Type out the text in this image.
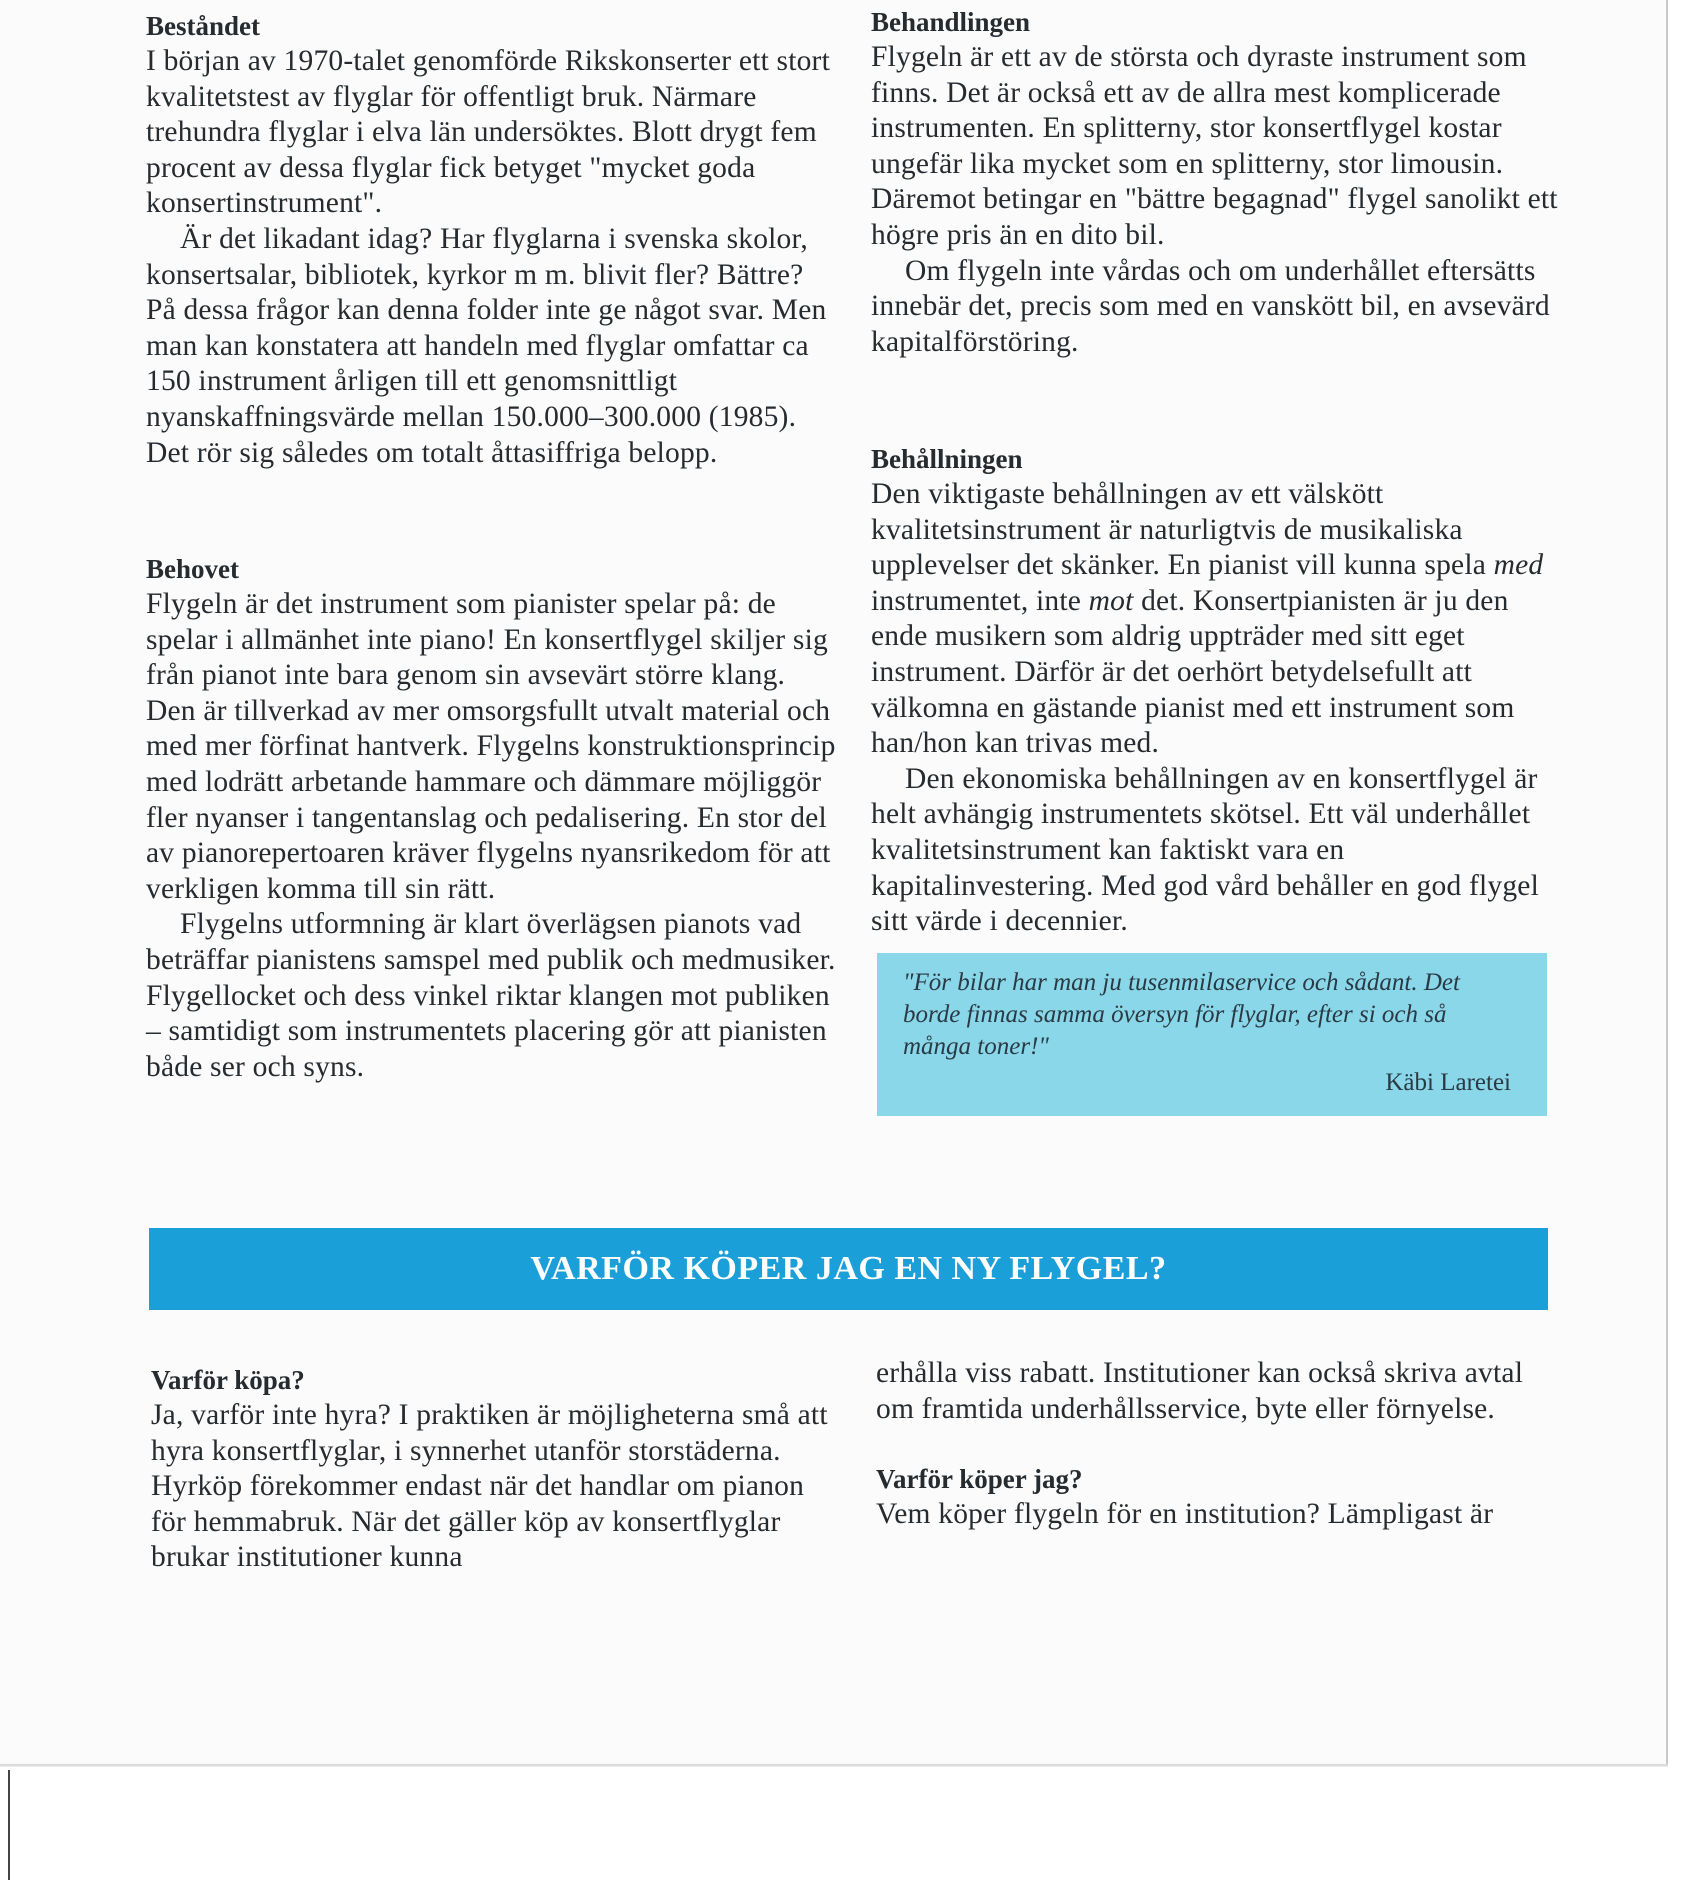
Beståndet

I början av 1970-talet genomförde Rikskonserter ett stort kvalitetstest av flyglar för offentligt bruk. Närmare trehundra flyglar i elva län undersöktes. Blott drygt fem procent av dessa flyglar fick betyget "mycket goda konsertinstrument".

Är det likadant idag? Har flyglarna i svenska skolor, konsertsalar, bibliotek, kyrkor m m. blivit fler? Bättre? På dessa frågor kan denna folder inte ge något svar. Men man kan konstatera att handeln med flyglar omfattar ca 150 instrument årligen till ett genomsnittligt nyanskaffningsvärde mellan 150.000–300.000 (1985). Det rör sig således om totalt åttasiffriga belopp.

Behovet

Flygeln är det instrument som pianister spelar på: de spelar i allmänhet inte piano! En konsertflygel skiljer sig från pianot inte bara genom sin avsevärt större klang. Den är tillverkad av mer omsorgsfullt utvalt material och med mer förfinat hantverk. Flygelns konstruktionsprincip med lodrätt arbetande hammare och dämmare möjliggör fler nyanser i tangentanslag och pedalisering. En stor del av pianorepertoaren kräver flygelns nyansrikedom för att verkligen komma till sin rätt.

Flygelns utformning är klart överlägsen pianots vad beträffar pianistens samspel med publik och medmusiker. Flygellocket och dess vinkel riktar klangen mot publiken – samtidigt som instrumentets placering gör att pianisten både ser och syns.

Behandlingen

Flygeln är ett av de största och dyraste instrument som finns. Det är också ett av de allra mest komplicerade instrumenten. En splitterny, stor konsertflygel kostar ungefär lika mycket som en splitterny, stor limousin. Däremot betingar en "bättre begagnad" flygel sanolikt ett högre pris än en dito bil.

Om flygeln inte vårdas och om underhållet eftersätts innebär det, precis som med en vanskött bil, en avsevärd kapitalförstöring.

Behållningen

Den viktigaste behållningen av ett välskött kvalitetsinstrument är naturligtvis de musikaliska upplevelser det skänker. En pianist vill kunna spela med instrumentet, inte mot det. Konsertpianisten är ju den ende musikern som aldrig uppträder med sitt eget instrument. Därför är det oerhört betydelsefullt att välkomna en gästande pianist med ett instrument som han/hon kan trivas med.

Den ekonomiska behållningen av en konsertflygel är helt avhängig instrumentets skötsel. Ett väl underhållet kvalitetsinstrument kan faktiskt vara en kapitalinvestering. Med god vård behåller en god flygel sitt värde i decennier.

"För bilar har man ju tusenmilaservice och sådant. Det borde finnas samma översyn för flyglar, efter si och så många toner!"

Käbi Laretei

VARFÖR KÖPER JAG EN NY FLYGEL?
Varför köpa?

Ja, varför inte hyra? I praktiken är möjligheterna små att hyra konsertflyglar, i synnerhet utanför storstäderna. Hyrköp förekommer endast när det handlar om pianon för hemmabruk. När det gäller köp av konsertflyglar brukar institutioner kunna

erhålla viss rabatt. Institutioner kan också skriva avtal om framtida underhållsservice, byte eller förnyelse.

Varför köper jag?

Vem köper flygeln för en institution? Lämpligast är
